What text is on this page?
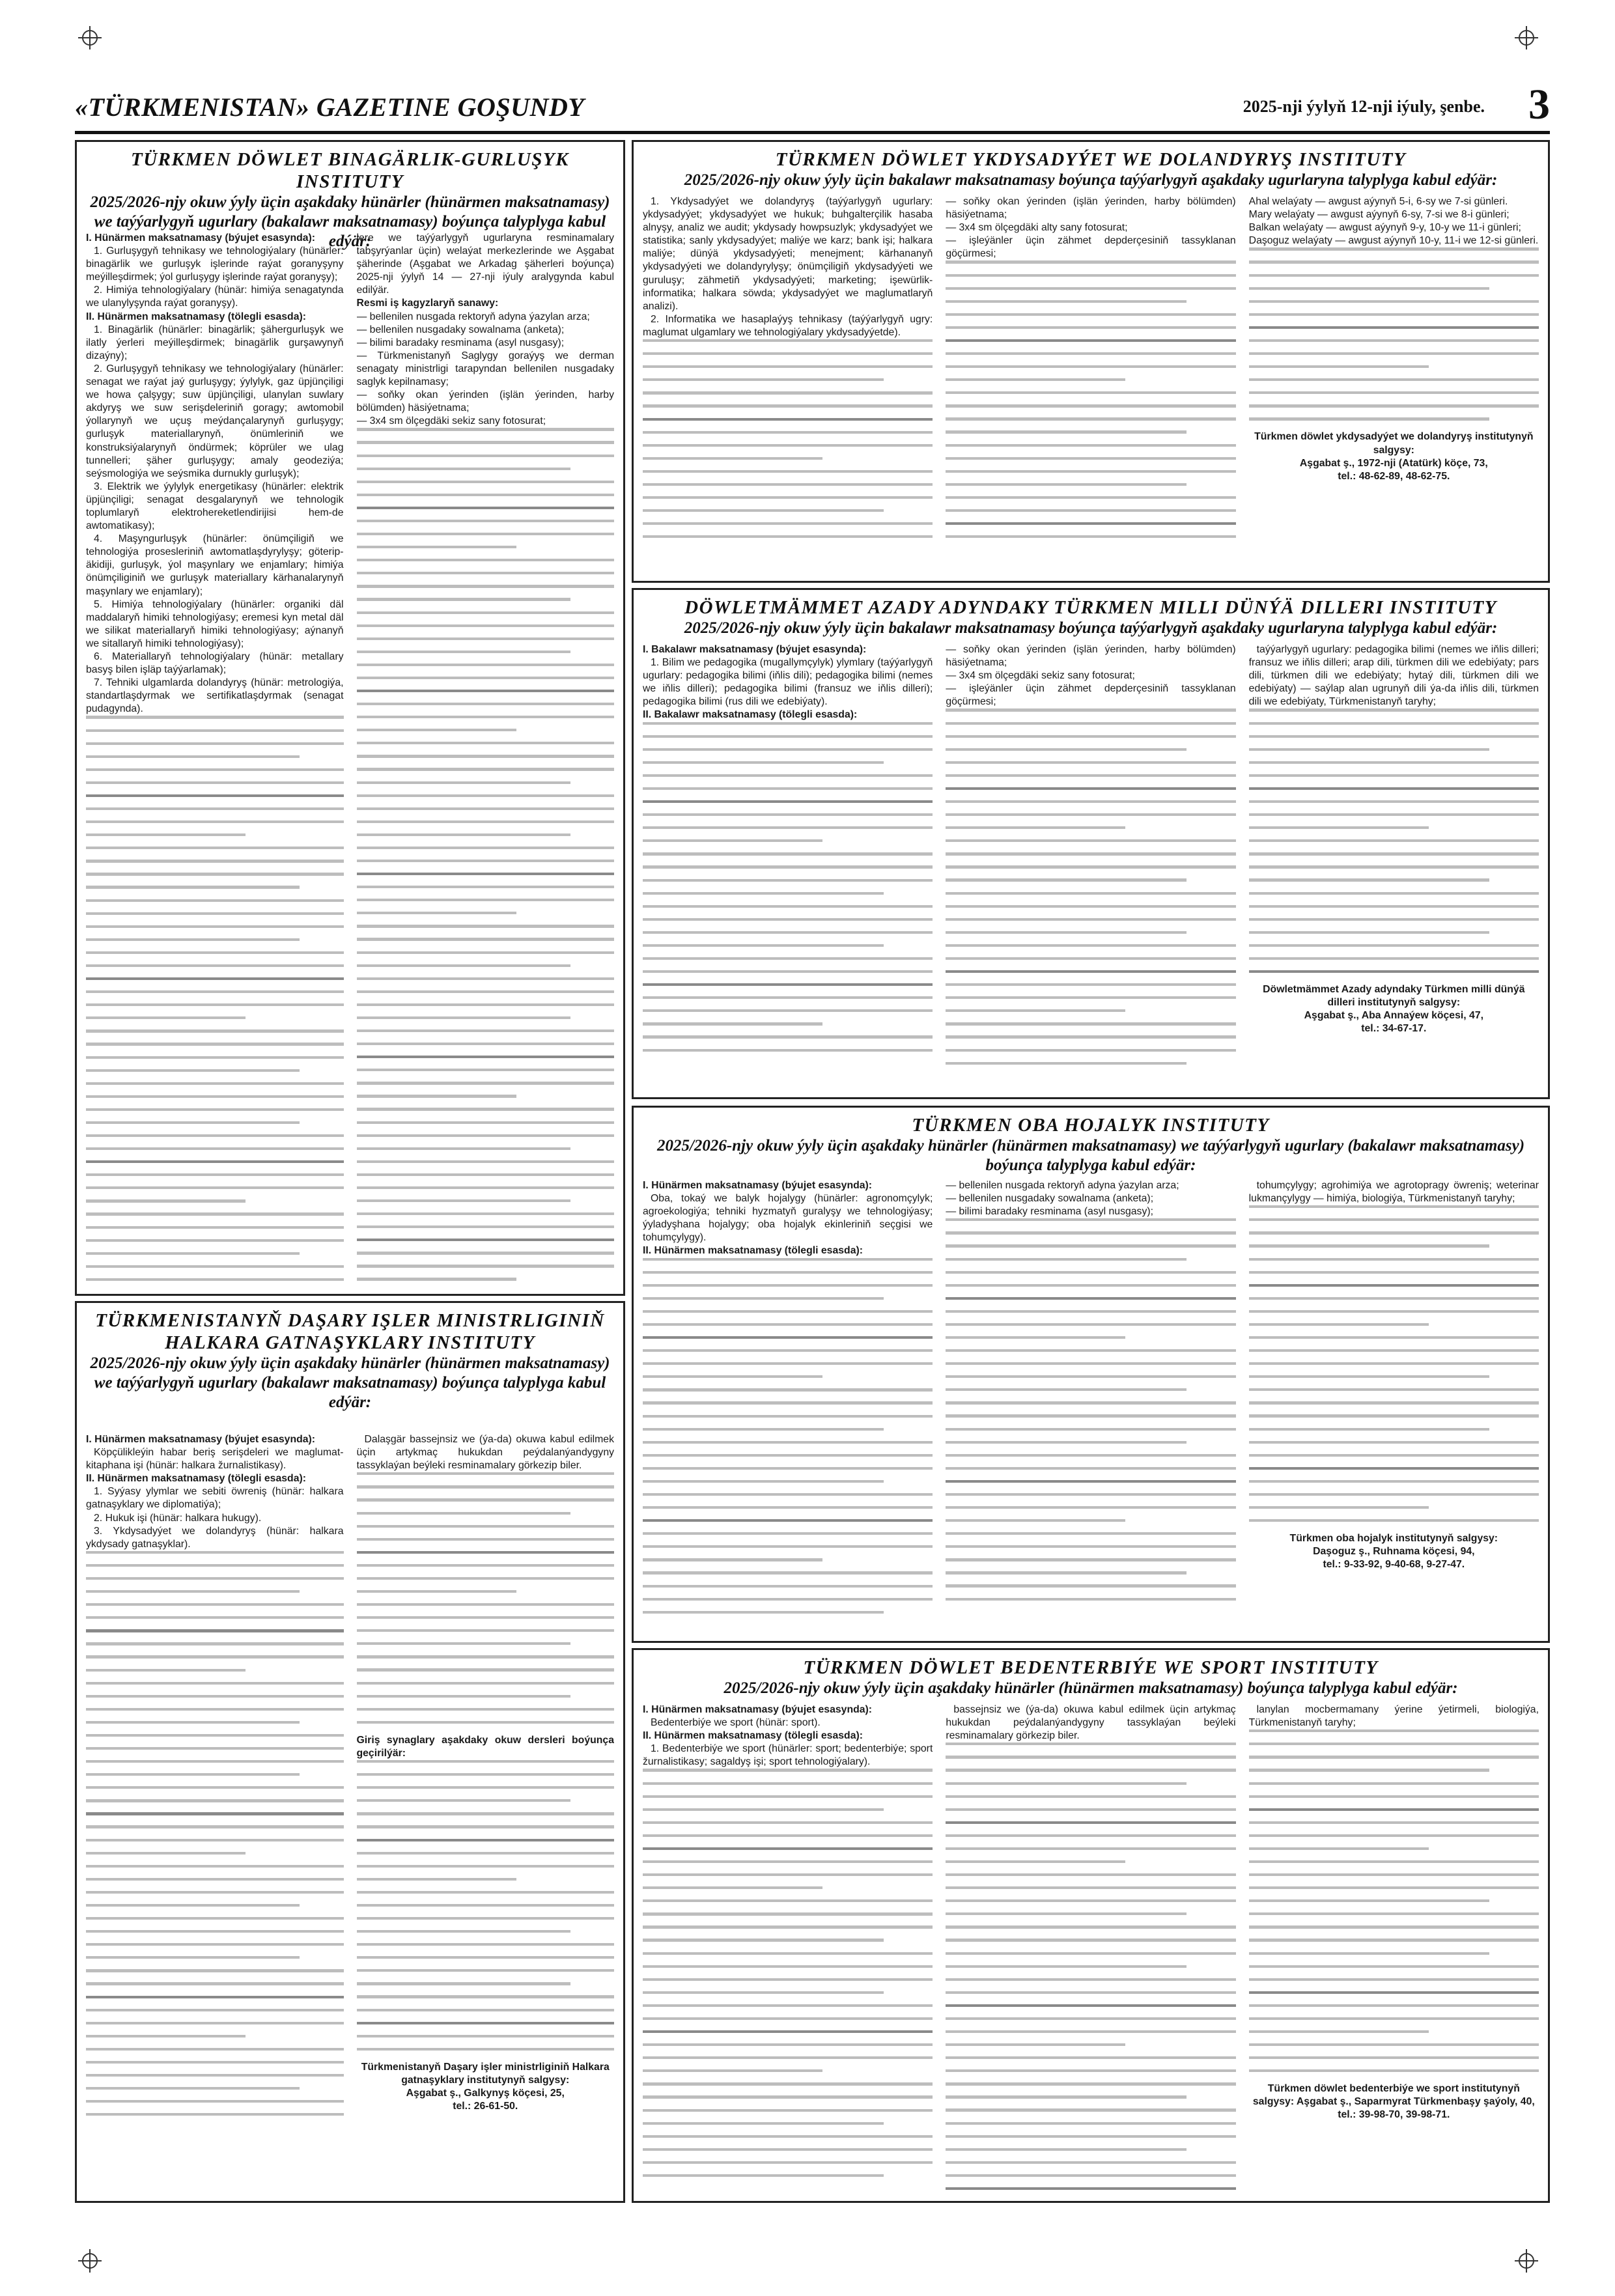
«TÜRKMENISTAN» GAZETINE GOŞUNDY	2025-nji ýylyň 12-nji iýuly, şenbe. 3

TÜRKMEN DÖWLET BINAGÄRLIK-GURLUŞYK INSTITUTY

2025/2026-njy okuw ýyly üçin aşakdaky hünärler (hünärmen maksatnamasy) we taýýarlygyň ugurlary (bakalawr maksatnamasy) boýunça talyplyga kabul edýär:

I. Hünärmen maksatnamasy (býujet esasynda):

1. Gurluşygyň tehnikasy we tehnologiýalary (hünärler: binagärlik we gurluşyk işlerinde raýat goranyşyny meýilleşdirmek; ýol gurluşygy işlerinde raýat goranyşy);

2. Himiýa tehnologiýalary (hünär: himiýa senagatynda we ulanylyşynda raýat goranyşy).

II. Hünärmen maksatnamasy (tölegli esasda):

1. Binagärlik (hünärler: binagärlik; şähergurluşyk we ilatly ýerleri meýilleşdirmek; binagärlik gurşawynyň dizaýny);

2. Gurluşygyň tehnikasy we tehnologiýalary (hünärler: senagat we raýat jaý gurluşygy; ýylylyk, gaz üpjünçiligi we howa çalşygy; suw üpjünçiligi, ulanylan suwlary akdyryş we suw serişdeleriniň goragy; awtomobil ýollarynyň we uçuş meýdançalarynyň gurluşygy; gurluşyk materiallarynyň, önümleriniň we konstruksiýalarynyň öndürmek; köprüler we ulag tunnelleri; şäher gurluşygy; amaly geodeziýa; seýsmologiýa we seýsmika durnukly gurluşyk);

3. Elektrik we ýylylyk energetikasy (hünärler: elektrik üpjünçiligi; senagat desgalarynyň we tehnologik toplumlaryň elektrohereketlendirijisi hem-de awtomatikasy);

4. Maşyngurluşyk (hünärler: önümçiligiň we tehnologiýa prosesleriniň awtomatlaşdyrylyşy; göterip-äkidiji, gurluşyk, ýol maşynlary we enjamlary; himiýa önümçiliginiň we gurluşyk materiallary kärhanalarynyň maşynlary we enjamlary);

5. Himiýa tehnologiýalary (hünärler: organiki däl maddalaryň himiki tehnologiýasy; eremesi kyn metal däl we silikat materiallaryň himiki tehnologiýasy; aýnanyň we sitallaryň himiki tehnologiýasy);

6. Materiallaryň tehnologiýalary (hünär: metallary basyş bilen işläp taýýarlamak);

7. Tehniki ulgamlarda dolandyryş (hünär: metrologiýa, standartlaşdyrmak we sertifikatlaşdyrmak (senagat pudagynda).

lere we taýýarlygyň ugurlaryna resminamalary tabşyrýanlar üçin) welaýat merkezlerinde we Aşgabat şäherinde (Aşgabat we Arkadag şäherleri boýunça) 2025-nji ýylyň 14 — 27-nji iýuly aralygynda kabul edilýär.

Resmi iş kagyzlaryň sanawy:

— bellenilen nusgada rektoryň adyna ýazylan arza;

— bellenilen nusgadaky sowalnama (anketa);

— bilimi baradaky resminama (asyl nusgasy);

— Türkmenistanyň Saglygy goraýyş we derman senagaty ministrligi tarapyndan bellenilen nusgadaky saglyk kepilnamasy;

— soňky okan ýerinden (işlän ýerinden, harby bölümden) häsiýetnama;

— 3x4 sm ölçegdäki sekiz sany fotosurat;

TÜRKMEN DÖWLET YKDYSADYÝET WE DOLANDYRYŞ INSTITUTY

2025/2026-njy okuw ýyly üçin bakalawr maksatnamasy boýunça taýýarlygyň aşakdaky ugurlaryna talyplyga kabul edýär:

1. Ykdysadyýet we dolandyryş (taýýarlygyň ugurlary: ykdysadyýet; ykdysadyýet we hukuk; buhgalterçilik hasaba alnyşy, analiz we audit; ykdysady howpsuzlyk; ykdysadyýet we statistika; sanly ykdysadyýet; maliýe we karz; bank işi; halkara maliýe; dünýä ykdysadyýeti; menejment; kärhananyň ykdysadyýeti we dolandyrylyşy; önümçiligiň ykdysadyýeti we guruluşy; zähmetiň ykdysadyýeti; marketing; işewürlik-informatika; halkara söwda; ykdysadyýet we maglumatlaryň analizi).

2. Informatika we hasaplaýyş tehnikasy (taýýarlygyň ugry: maglumat ulgamlary we tehnologiýalary ykdysadyýetde).

— soňky okan ýerinden (işlän ýerinden, harby bölümden) häsiýetnama;

— 3x4 sm ölçegdäki alty sany fotosurat;

— işleýänler üçin zähmet depderçesiniň tassyklanan göçürmesi;

Ahal welaýaty — awgust aýynyň 5-i, 6-sy we 7-si günleri.

Mary welaýaty — awgust aýynyň 6-sy, 7-si we 8-i günleri;

Balkan welaýaty — awgust aýynyň 9-y, 10-y we 11-i günleri;

Daşoguz welaýaty — awgust aýynyň 10-y, 11-i we 12-si günleri.

Türkmen döwlet ykdysadyýet we dolandyryş institutynyň salgysy:

Aşgabat ş., 1972-nji (Atatürk) köçe, 73,

tel.: 48-62-89, 48-62-75.

DÖWLETMÄMMET AZADY ADYNDAKY TÜRKMEN MILLI DÜNÝÄ DILLERI INSTITUTY

2025/2026-njy okuw ýyly üçin bakalawr maksatnamasy boýunça taýýarlygyň aşakdaky ugurlaryna talyplyga kabul edýär:

I. Bakalawr maksatnamasy (býujet esasynda):

1. Bilim we pedagogika (mugallymçylyk) ylymlary (taýýarlygyň ugurlary: pedagogika bilimi (iňlis dili); pedagogika bilimi (nemes we iňlis dilleri); pedagogika bilimi (fransuz we iňlis dilleri); pedagogika bilimi (rus dili we edebiýaty).

II. Bakalawr maksatnamasy (tölegli esasda):

— soňky okan ýerinden (işlän ýerinden, harby bölümden) häsiýetnama;

— 3x4 sm ölçegdäki sekiz sany fotosurat;

— işleýänler üçin zähmet depderçesiniň tassyklanan göçürmesi;

taýýarlygyň ugurlary: pedagogika bilimi (nemes we iňlis dilleri; fransuz we iňlis dilleri; arap dili, türkmen dili we edebiýaty; pars dili, türkmen dili we edebiýaty; hytaý dili, türkmen dili we edebiýaty) — saýlap alan ugrunyň dili ýa-da iňlis dili, türkmen dili we edebiýaty, Türkmenistanyň taryhy;

Döwletmämmet Azady adyndaky Türkmen milli dünýä dilleri institutynyň salgysy:

Aşgabat ş., Aba Annaýew köçesi, 47,

tel.: 34-67-17.

TÜRKMENISTANYŇ DAŞARY IŞLER MINISTRLIGINIŇ HALKARA GATNAŞYKLARY INSTITUTY

2025/2026-njy okuw ýyly üçin aşakdaky hünärler (hünärmen maksatnamasy) we taýýarlygyň ugurlary (bakalawr maksatnamasy) boýunça talyplyga kabul edýär:

I. Hünärmen maksatnamasy (býujet esasynda):

Köpçülikleýin habar beriş serişdeleri we maglumat-kitaphana işi (hünär: halkara žurnalistikasy).

II. Hünärmen maksatnamasy (tölegli esasda):

1. Syýasy ylymlar we sebiti öwreniş (hünär: halkara gatnaşyklary we diplomatiýa);

2. Hukuk işi (hünär: halkara hukugy).

3. Ykdysadyýet we dolandyryş (hünär: halkara ykdysady gatnaşyklar).

Dalaşgär bassejnsiz we (ýa-da) okuwa kabul edilmek üçin artykmaç hukukdan peýdalanýandygyny tassyklaýan beýleki resminamalary görkezip biler.

Giriş synaglary aşakdaky okuw dersleri boýunça geçirilýär:

Türkmenistanyň Daşary işler ministrliginiň Halkara gatnaşyklary institutynyň salgysy:

Aşgabat ş., Galkynyş köçesi, 25,

tel.: 26-61-50.

TÜRKMEN OBA HOJALYK INSTITUTY

2025/2026-njy okuw ýyly üçin aşakdaky hünärler (hünärmen maksatnamasy) we taýýarlygyň ugurlary (bakalawr maksatnamasy) boýunça talyplyga kabul edýär:

I. Hünärmen maksatnamasy (býujet esasynda):

Oba, tokaý we balyk hojalygy (hünärler: agronomçylyk; agroekologiýa; tehniki hyzmatyň guralyşy we tehnologiýasy; ýyladyşhana hojalygy; oba hojalyk ekinleriniň seçgisi we tohumçylygy).

II. Hünärmen maksatnamasy (tölegli esasda):

— bellenilen nusgada rektoryň adyna ýazylan arza;

— bellenilen nusgadaky sowalnama (anketa);

— bilimi baradaky resminama (asyl nusgasy);

tohumçylygy; agrohimiýa we agrotopragy öwreniş; weterinar lukmançylygy — himiýa, biologiýa, Türkmenistanyň taryhy;

Türkmen oba hojalyk institutynyň salgysy:

Daşoguz ş., Ruhnama köçesi, 94,

tel.: 9-33-92, 9-40-68, 9-27-47.

TÜRKMEN DÖWLET BEDENTERBIÝE WE SPORT INSTITUTY

2025/2026-njy okuw ýyly üçin aşakdaky hünärler (hünärmen maksatnamasy) boýunça talyplyga kabul edýär:

I. Hünärmen maksatnamasy (býujet esasynda):

Bedenterbiýe we sport (hünär: sport).

II. Hünärmen maksatnamasy (tölegli esasda):

1. Bedenterbiýe we sport (hünärler: sport; bedenterbiýe; sport žurnalistikasy; sagaldyş işi; sport tehnologiýalary).

bassejnsiz we (ýa-da) okuwa kabul edilmek üçin artykmaç hukukdan peýdalanýandygyny tassyklaýan beýleki resminamalary görkezip biler.

lanylan mocbermamany ýerine ýetirmeli, biologiýa, Türkmenistanyň taryhy;

Türkmen döwlet bedenterbiýe we sport institutynyň salgysy: Aşgabat ş., Saparmyrat Türkmenbaşy şaýoly, 40,

tel.: 39-98-70, 39-98-71.
